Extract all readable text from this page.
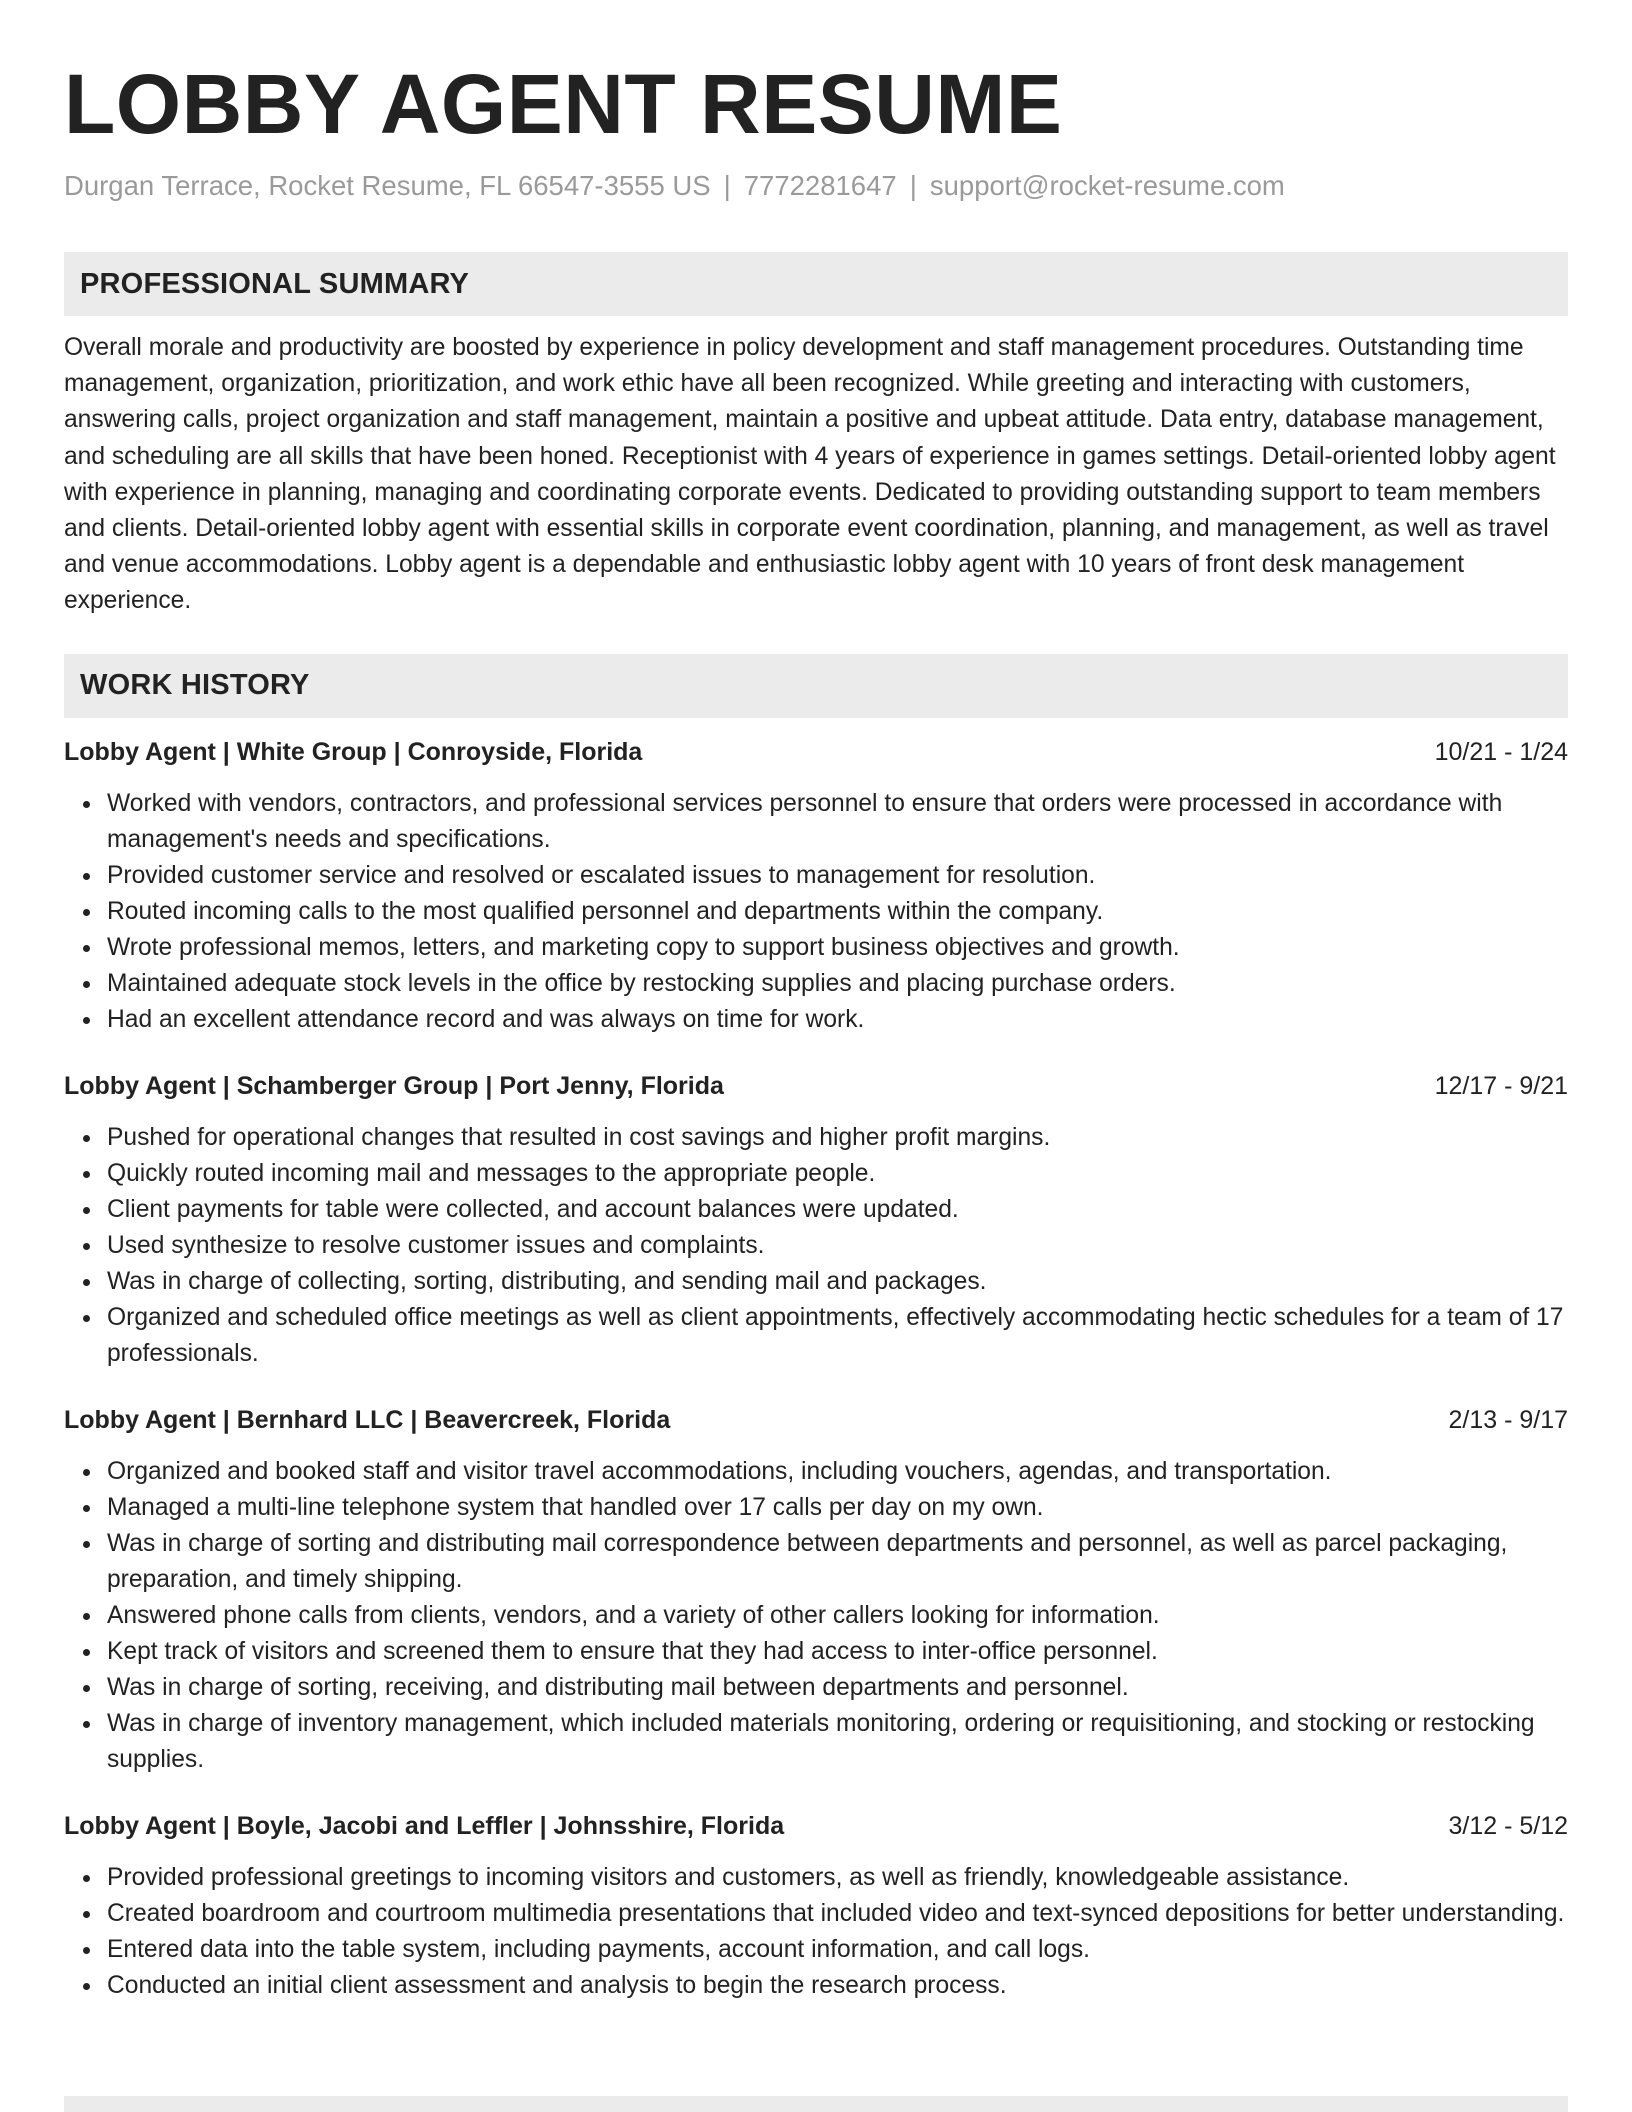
LOBBY AGENT RESUME
Durgan Terrace, Rocket Resume, FL 66547-3555 US | 7772281647 | support@rocket-resume.com
PROFESSIONAL SUMMARY

Overall morale and productivity are boosted by experience in policy development and staff management procedures. Outstanding time management, organization, prioritization, and work ethic have all been recognized. While greeting and interacting with customers, answering calls, project organization and staff management, maintain a positive and upbeat attitude. Data entry, database management, and scheduling are all skills that have been honed. Receptionist with 4 years of experience in games settings. Detail-oriented lobby agent with experience in planning, managing and coordinating corporate events. Dedicated to providing outstanding support to team members and clients. Detail-oriented lobby agent with essential skills in corporate event coordination, planning, and management, as well as travel and venue accommodations. Lobby agent is a dependable and enthusiastic lobby agent with 10 years of front desk management experience.

WORK HISTORY
Lobby Agent | White Group | Conroyside, Florida	10/21 - 1/24
Worked with vendors, contractors, and professional services personnel to ensure that orders were processed in accordance with management's needs and specifications.
Provided customer service and resolved or escalated issues to management for resolution.
Routed incoming calls to the most qualified personnel and departments within the company.
Wrote professional memos, letters, and marketing copy to support business objectives and growth.
Maintained adequate stock levels in the office by restocking supplies and placing purchase orders.
Had an excellent attendance record and was always on time for work.
Lobby Agent | Schamberger Group | Port Jenny, Florida	12/17 - 9/21
Pushed for operational changes that resulted in cost savings and higher profit margins.
Quickly routed incoming mail and messages to the appropriate people.
Client payments for table were collected, and account balances were updated.
Used synthesize to resolve customer issues and complaints.
Was in charge of collecting, sorting, distributing, and sending mail and packages.
Organized and scheduled office meetings as well as client appointments, effectively accommodating hectic schedules for a team of 17 professionals.
Lobby Agent | Bernhard LLC | Beavercreek, Florida	2/13 - 9/17
Organized and booked staff and visitor travel accommodations, including vouchers, agendas, and transportation.
Managed a multi-line telephone system that handled over 17 calls per day on my own.
Was in charge of sorting and distributing mail correspondence between departments and personnel, as well as parcel packaging, preparation, and timely shipping.
Answered phone calls from clients, vendors, and a variety of other callers looking for information.
Kept track of visitors and screened them to ensure that they had access to inter-office personnel.
Was in charge of sorting, receiving, and distributing mail between departments and personnel.
Was in charge of inventory management, which included materials monitoring, ordering or requisitioning, and stocking or restocking supplies.
Lobby Agent | Boyle, Jacobi and Leffler | Johnsshire, Florida	3/12 - 5/12
Provided professional greetings to incoming visitors and customers, as well as friendly, knowledgeable assistance.
Created boardroom and courtroom multimedia presentations that included video and text-synced depositions for better understanding.
Entered data into the table system, including payments, account information, and call logs.
Conducted an initial client assessment and analysis to begin the research process.
